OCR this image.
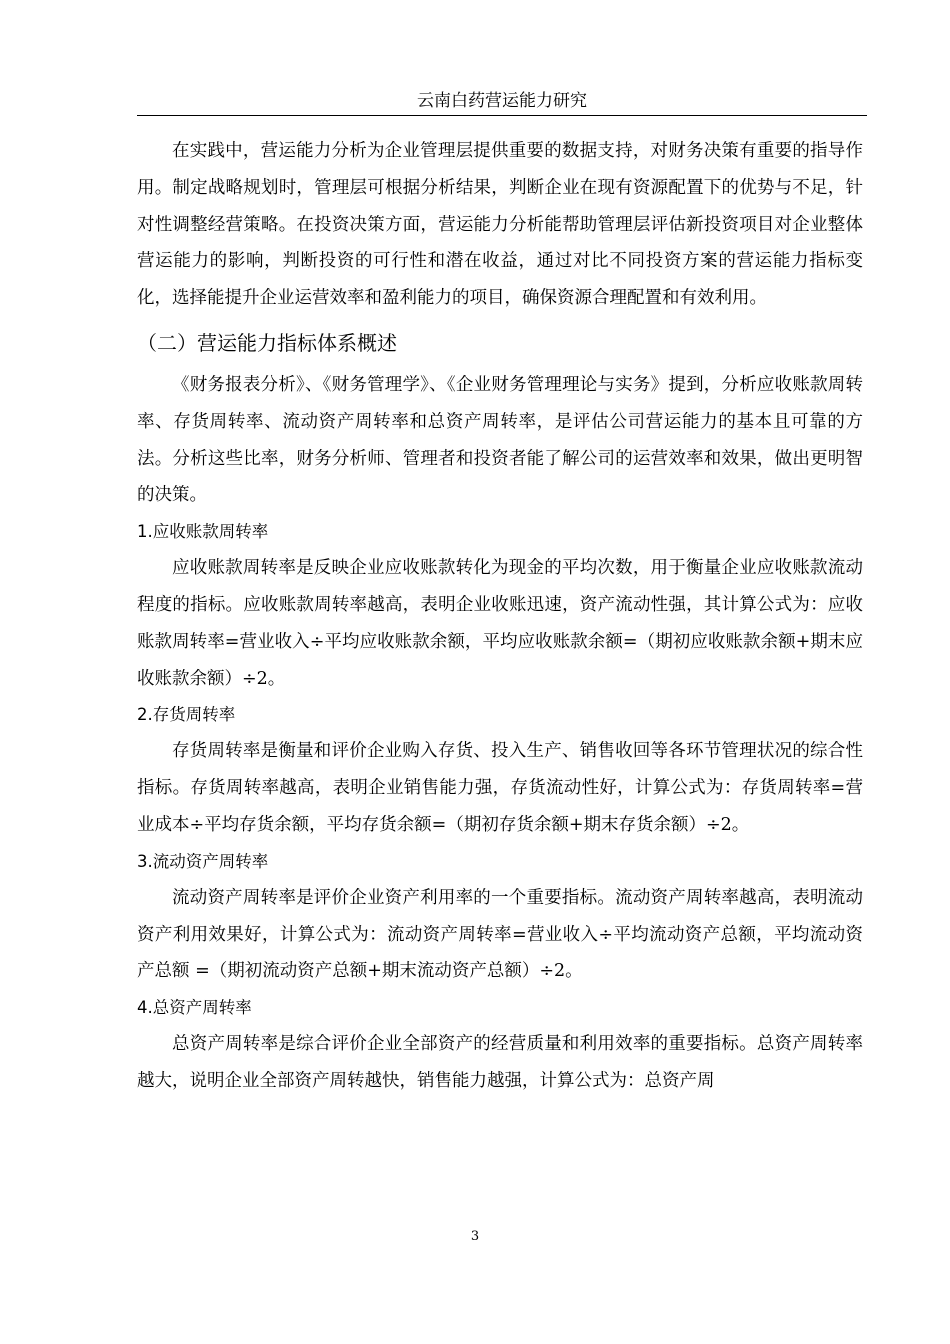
云南白药营运能力研究

在实践中，营运能力分析为企业管理层提供重要的数据支持，对财务决策有重要的指导作用。制定战略规划时，管理层可根据分析结果，判断企业在现有资源配置下的优势与不足，针对性调整经营策略。在投资决策方面，营运能力分析能帮助管理层评估新投资项目对企业整体营运能力的影响，判断投资的可行性和潜在收益，通过对比不同投资方案的营运能力指标变化，选择能提升企业运营效率和盈利能力的项目，确保资源合理配置和有效利用。

（二）营运能力指标体系概述

《财务报表分析》、《财务管理学》、《企业财务管理理论与实务》提到，分析应收账款周转率、存货周转率、流动资产周转率和总资产周转率，是评估公司营运能力的基本且可靠的方法。分析这些比率，财务分析师、管理者和投资者能了解公司的运营效率和效果，做出更明智的决策。

1.应收账款周转率

应收账款周转率是反映企业应收账款转化为现金的平均次数，用于衡量企业应收账款流动程度的指标。应收账款周转率越高，表明企业收账迅速，资产流动性强，其计算公式为：应收账款周转率=营业收入÷平均应收账款余额，平均应收账款余额=（期初应收账款余额+期末应收账款余额）÷2。

2.存货周转率

存货周转率是衡量和评价企业购入存货、投入生产、销售收回等各环节管理状况的综合性指标。存货周转率越高，表明企业销售能力强，存货流动性好，计算公式为：存货周转率=营业成本÷平均存货余额，平均存货余额=（期初存货余额+期末存货余额）÷2。

3.流动资产周转率

流动资产周转率是评价企业资产利用率的一个重要指标。流动资产周转率越高，表明流动资产利用效果好，计算公式为：流动资产周转率=营业收入÷平均流动资产总额，平均流动资产总额 =（期初流动资产总额+期末流动资产总额）÷2。

4.总资产周转率

总资产周转率是综合评价企业全部资产的经营质量和利用效率的重要指标。总资产周转率越大，说明企业全部资产周转越快，销售能力越强，计算公式为：总资产周

3
